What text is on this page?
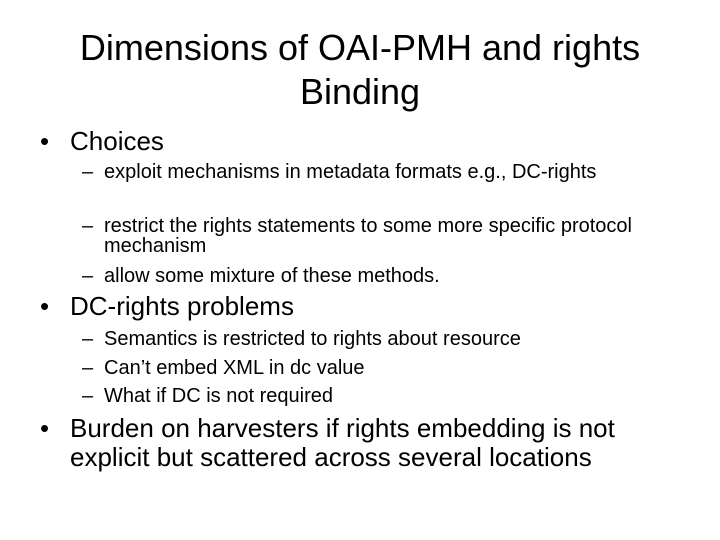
Dimensions of OAI-PMH and rights
Binding
• Choices
– exploit mechanisms in metadata formats e.g., DC-rights
– restrict the rights statements to some more specific protocol mechanism
– allow some mixture of these methods.
• DC-rights problems
– Semantics is restricted to rights about resource
– Can’t embed XML in dc value
– What if DC is not required
• Burden on harvesters if rights embedding is not explicit but scattered across several locations
